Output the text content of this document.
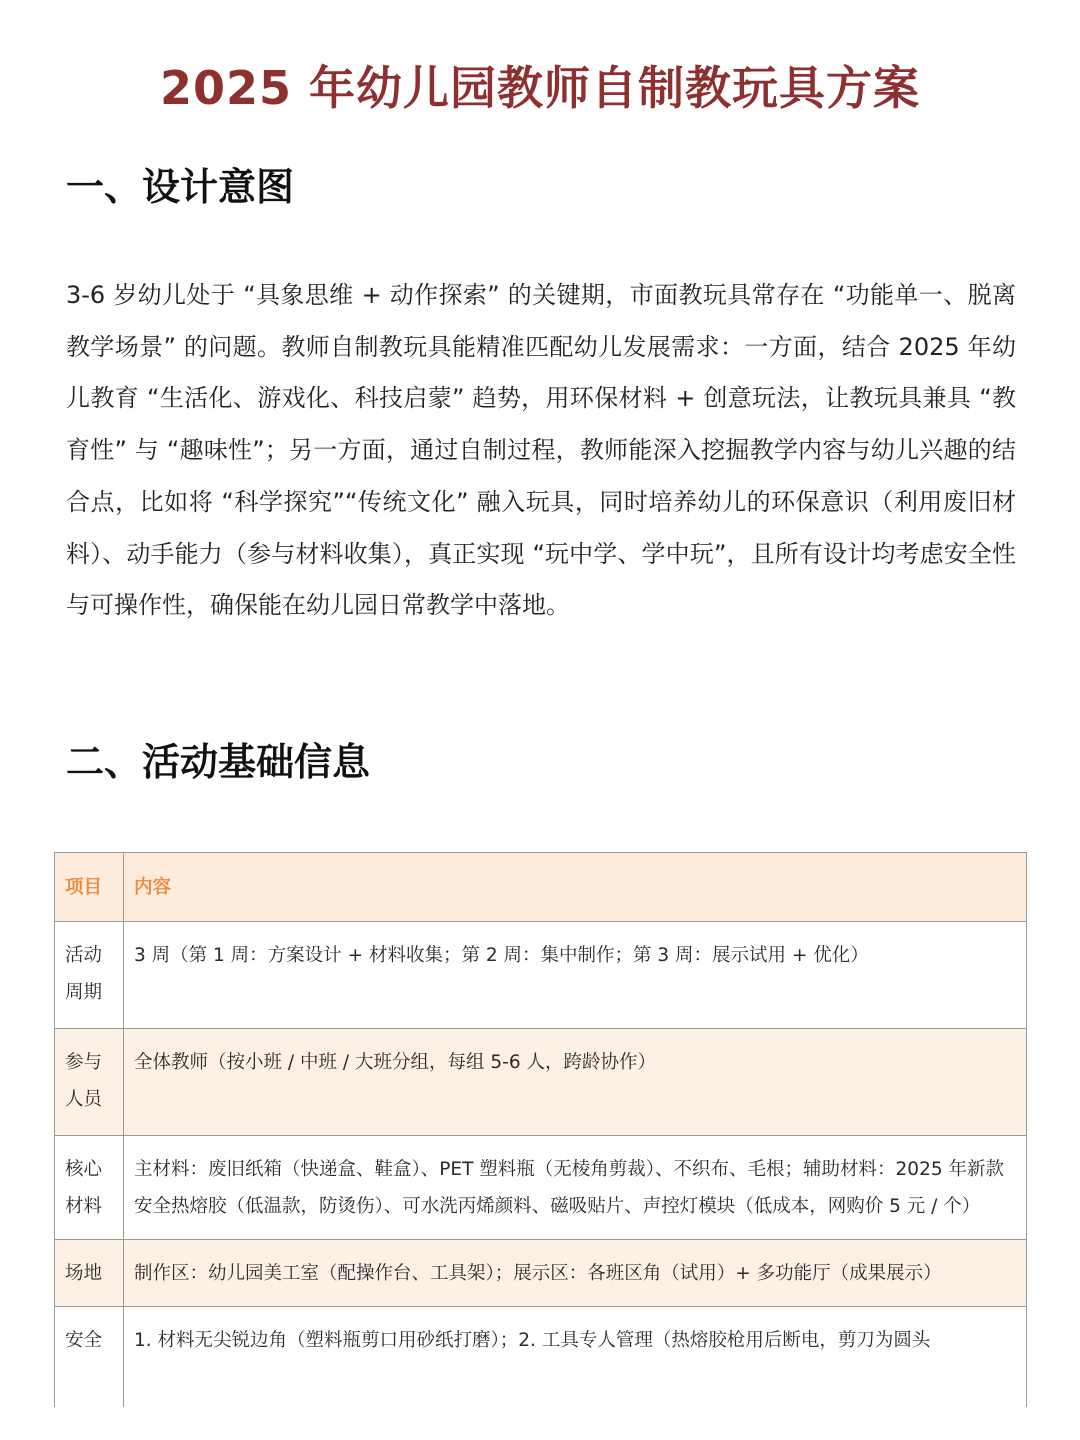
2025 年幼儿园教师自制教玩具方案
一、设计意图

3-6 岁幼儿处于 “具象思维 + 动作探索” 的关键期，市面教玩具常存在 “功能单一、脱离教学场景” 的问题。教师自制教玩具能精准匹配幼儿发展需求：一方面，结合 2025 年幼儿教育 “生活化、游戏化、科技启蒙” 趋势，用环保材料 + 创意玩法，让教玩具兼具 “教育性” 与 “趣味性”；另一方面，通过自制过程，教师能深入挖掘教学内容与幼儿兴趣的结合点，比如将 “科学探究”“传统文化” 融入玩具，同时培养幼儿的环保意识（利用废旧材料）、动手能力（参与材料收集），真正实现 “玩中学、学中玩”，且所有设计均考虑安全性与可操作性，确保能在幼儿园日常教学中落地。

二、活动基础信息
项目	内容
活动周期	3 周（第 1 周：方案设计 + 材料收集；第 2 周：集中制作；第 3 周：展示试用 + 优化）
参与人员	全体教师（按小班 / 中班 / 大班分组，每组 5-6 人，跨龄协作）
核心材料	主材料：废旧纸箱（快递盒、鞋盒）、PET 塑料瓶（无棱角剪裁）、不织布、毛根；辅助材料：2025 年新款安全热熔胶（低温款，防烫伤）、可水洗丙烯颜料、磁吸贴片、声控灯模块（低成本，网购价 5 元 / 个）
场地	制作区：幼儿园美工室（配操作台、工具架）；展示区：各班区角（试用）+ 多功能厅（成果展示）
安全	1. 材料无尖锐边角（塑料瓶剪口用砂纸打磨）；2. 工具专人管理（热熔胶枪用后断电，剪刀为圆头
